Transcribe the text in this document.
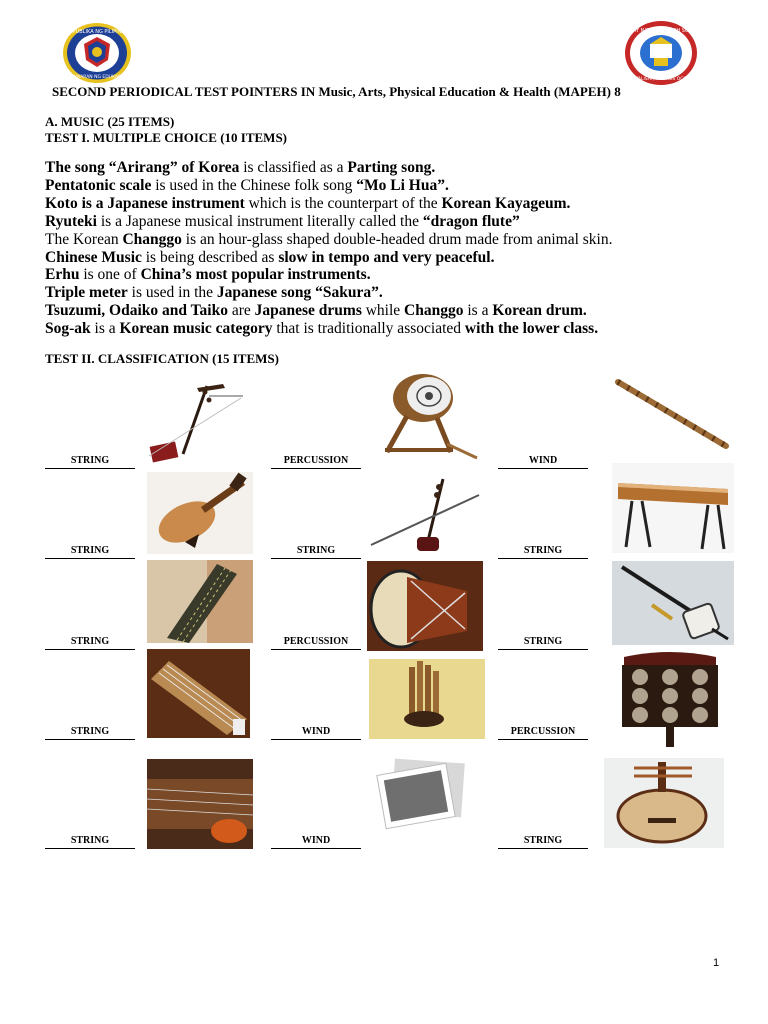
REPUBLIKA NG PILIPINAS
KAGAWARAN NG EDUKASYON
TALISAY NATIONAL HIGH SCHOOL
TALISAY, NEGROS OCC
SECOND PERIODICAL TEST POINTERS IN Music, Arts, Physical Education & Health (MAPEH) 8
A. MUSIC (25 ITEMS)
TEST I. MULTIPLE CHOICE (10 ITEMS)
The song “Arirang” of Korea is classified as a Parting song.
Pentatonic scale is used in the Chinese folk song “Mo Li Hua”.
Koto is a Japanese instrument which is the counterpart of the Korean Kayageum.
Ryuteki is a Japanese musical instrument literally called the “dragon flute”
The Korean Changgo is an hour-glass shaped double-headed drum made from animal skin.
Chinese Music is being described as slow in tempo and very peaceful.
Erhu is one of China’s most popular instruments.
Triple meter is used in the Japanese song “Sakura”.
Tsuzumi, Odaiko and Taiko are Japanese drums while Changgo is a Korean drum.
Sog-ak is a Korean music category that is traditionally associated with the lower class.
TEST II. CLASSIFICATION (15 ITEMS)
STRING	PERCUSSION	WIND
STRING	STRING	STRING
STRING	PERCUSSION	STRING
STRING	WIND	PERCUSSION
STRING	WIND	STRING
1
